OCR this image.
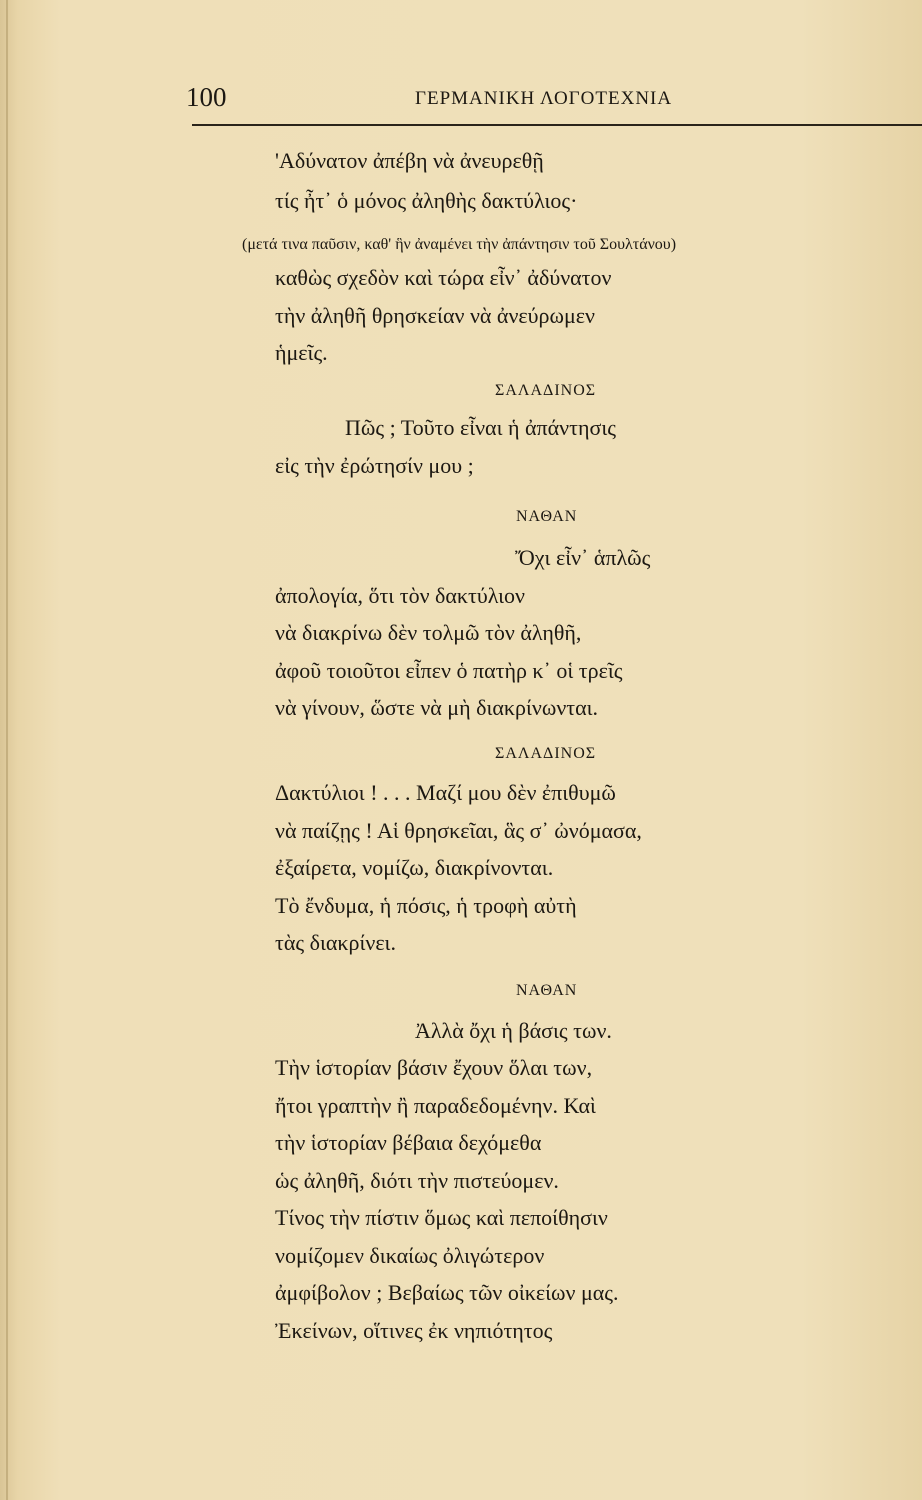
100	ΓΕΡΜΑΝΙΚΗ ΛΟΓΟΤΕΧΝΙΑ
'Αδύνατον ἀπέβη νὰ ἀνευρεθῇ
τίς ἦτ᾽ ὁ μόνος ἀληθὴς δακτύλιος·
(μετά τινα παῦσιν, καθ' ἣν ἀναμένει τὴν ἀπάντησιν τοῦ Σουλτάνου)
καθὼς σχεδὸν καὶ τώρα εἶν᾽ ἀδύνατον
τὴν ἀληθῆ θρησκείαν νὰ ἀνεύρωμεν
ἡμεῖς.
ΣΑΛΑΔΙΝΟΣ
Πῶς ; Τοῦτο εἶναι ἡ ἀπάντησις
εἰς τὴν ἐρώτησίν μου ;
ΝΑΘΑΝ
Ὄχι εἶν᾽ ἁπλῶς
ἀπολογία, ὅτι τὸν δακτύλιον
νὰ διακρίνω δὲν τολμῶ τὸν ἀληθῆ,
ἀφοῦ τοιοῦτοι εἶπεν ὁ πατὴρ κ᾽ οἱ τρεῖς
νὰ γίνουν, ὥστε νὰ μὴ διακρίνωνται.
ΣΑΛΑΔΙΝΟΣ
Δακτύλιοι ! . . . Μαζί μου δὲν ἐπιθυμῶ
νὰ παίζῃς ! Αἱ θρησκεῖαι, ἃς σ᾽ ὠνόμασα,
ἐξαίρετα, νομίζω, διακρίνονται.
Τὸ ἔνδυμα, ἡ πόσις, ἡ τροφὴ αὐτὴ
τὰς διακρίνει.
ΝΑΘΑΝ
Ἀλλὰ ὄχι ἡ βάσις των.
Τὴν ἱστορίαν βάσιν ἔχουν ὅλαι των,
ἤτοι γραπτὴν ἢ παραδεδομένην. Καὶ
τὴν ἱστορίαν βέβαια δεχόμεθα
ὡς ἀληθῆ, διότι τὴν πιστεύομεν.
Τίνος τὴν πίστιν ὅμως καὶ πεποίθησιν
νομίζομεν δικαίως ὀλιγώτερον
ἀμφίβολον ; Βεβαίως τῶν οἰκείων μας.
Ἐκείνων, οἵτινες ἐκ νηπιότητος
